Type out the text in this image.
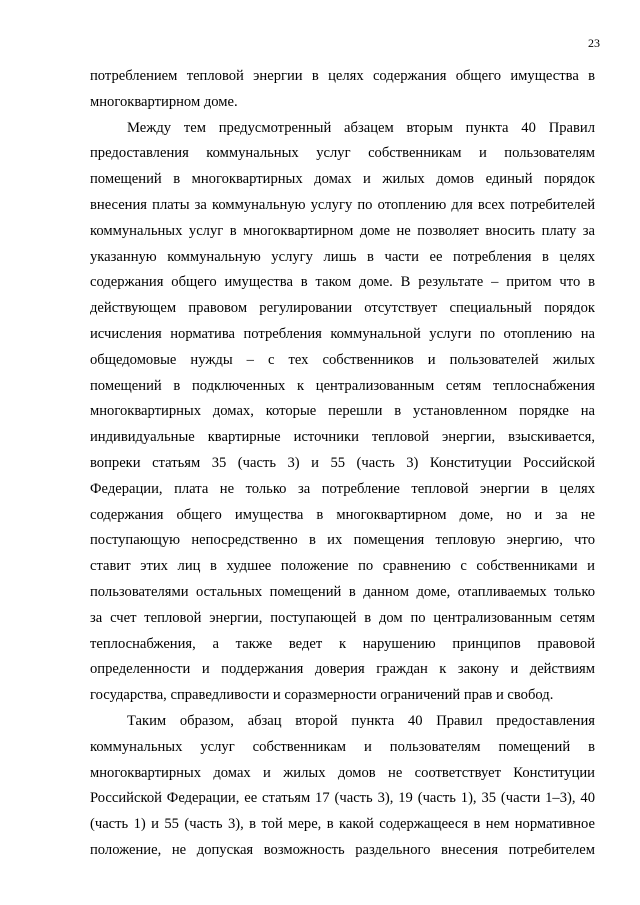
23
потреблением тепловой энергии в целях содержания общего имущества в
многоквартирном доме.
Между тем предусмотренный абзацем вторым пункта 40 Правил
предоставления коммунальных услуг собственникам и пользователям
помещений в многоквартирных домах и жилых домов единый порядок
внесения платы за коммунальную услугу по отоплению для всех потребителей
коммунальных услуг в многоквартирном доме не позволяет вносить плату за
указанную коммунальную услугу лишь в части ее потребления в целях
содержания общего имущества в таком доме. В результате – притом что в
действующем правовом регулировании отсутствует специальный порядок
исчисления норматива потребления коммунальной услуги по отоплению на
общедомовые нужды – с тех собственников и пользователей жилых
помещений в подключенных к централизованным сетям теплоснабжения
многоквартирных домах, которые перешли в установленном порядке на
индивидуальные квартирные источники тепловой энергии, взыскивается,
вопреки статьям 35 (часть 3) и 55 (часть 3) Конституции Российской
Федерации, плата не только за потребление тепловой энергии в целях
содержания общего имущества в многоквартирном доме, но и за не
поступающую непосредственно в их помещения тепловую энергию, что
ставит этих лиц в худшее положение по сравнению с собственниками и
пользователями остальных помещений в данном доме, отапливаемых только
за счет тепловой энергии, поступающей в дом по централизованным сетям
теплоснабжения, а также ведет к нарушению принципов правовой
определенности и поддержания доверия граждан к закону и действиям
государства, справедливости и соразмерности ограничений прав и свобод.
Таким образом, абзац второй пункта 40 Правил предоставления
коммунальных услуг собственникам и пользователям помещений в
многоквартирных домах и жилых домов не соответствует Конституции
Российской Федерации, ее статьям 17 (часть 3), 19 (часть 1), 35 (части 1–3), 40
(часть 1) и 55 (часть 3), в той мере, в какой содержащееся в нем нормативное
положение, не допуская возможность раздельного внесения потребителем
